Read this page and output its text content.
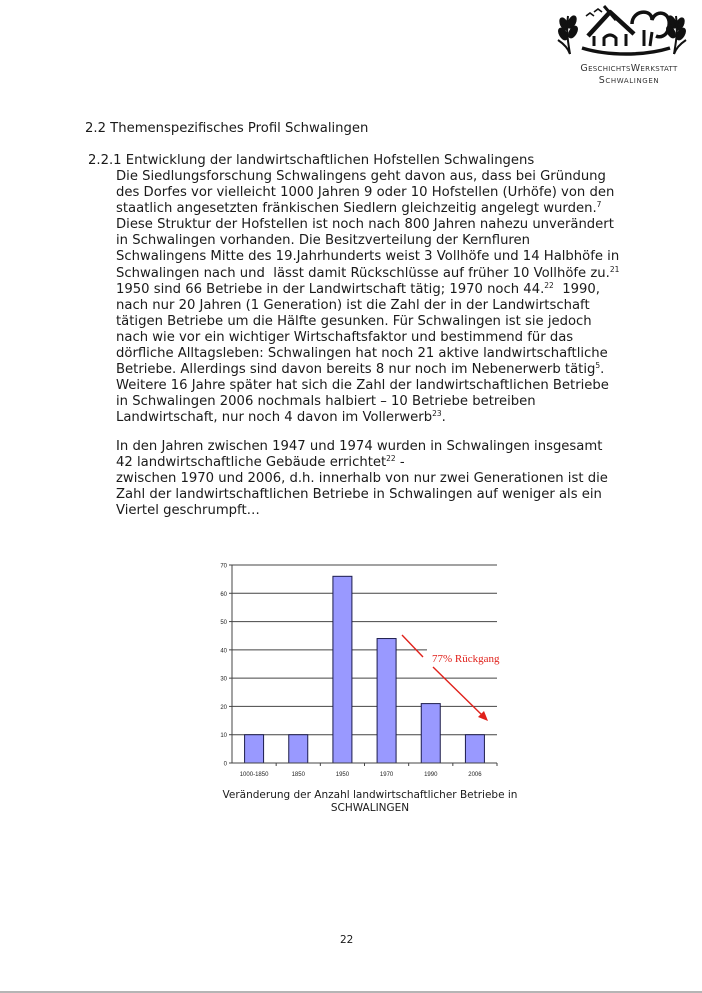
GeschichtsWerkstatt
Schwalingen
2.2 Themenspezifisches Profil Schwalingen
2.2.1 Entwicklung der landwirtschaftlichen Hofstellen Schwalingens
Die Siedlungsforschung Schwalingens geht davon aus, dass bei Gründung
des Dorfes vor vielleicht 1000 Jahren 9 oder 10 Hofstellen (Urhöfe) von den
staatlich angesetzten fränkischen Siedlern gleichzeitig angelegt wurden.$^7$
Diese Struktur der Hofstellen ist noch nach 800 Jahren nahezu unverändert
in Schwalingen vorhanden. Die Besitzverteilung der Kernfluren
Schwalingens Mitte des 19.Jahrhunderts weist 3 Vollhöfe und 14 Halbhöfe in
Schwalingen nach und  lässt damit Rückschlüsse auf früher 10 Vollhöfe zu.$^{21}$
1950 sind 66 Betriebe in der Landwirtschaft tätig; 1970 noch 44.22  1990,
nach nur 20 Jahren (1 Generation) ist die Zahl der in der Landwirtschaft
tätigen Betriebe um die Hälfte gesunken. Für Schwalingen ist sie jedoch
nach wie vor ein wichtiger Wirtschaftsfaktor und bestimmend für das
dörfliche Alltagsleben: Schwalingen hat noch 21 aktive landwirtschaftliche
Betriebe. Allerdings sind davon bereits 8 nur noch im Nebenerwerb tätig$^5$.
Weitere 16 Jahre später hat sich die Zahl der landwirtschaftlichen Betriebe
in Schwalingen 2006 nochmals halbiert – 10 Betriebe betreiben
Landwirtschaft, nur noch 4 davon im Vollerwerb$^{23}$.
In den Jahren zwischen 1947 und 1974 wurden in Schwalingen insgesamt
42 landwirtschaftliche Gebäude errichtet$^{22}$ -
zwischen 1970 und 2006, d.h. innerhalb von nur zwei Generationen ist die
Zahl der landwirtschaftlichen Betriebe in Schwalingen auf weniger als ein
Viertel geschrumpft…
0
10
20
30
40
50
60
70
1000-1850	1850	1950	1970	1990	2006
77% Rückgang
Veränderung der Anzahl landwirtschaftlicher Betriebe in
SCHWALINGEN
22
